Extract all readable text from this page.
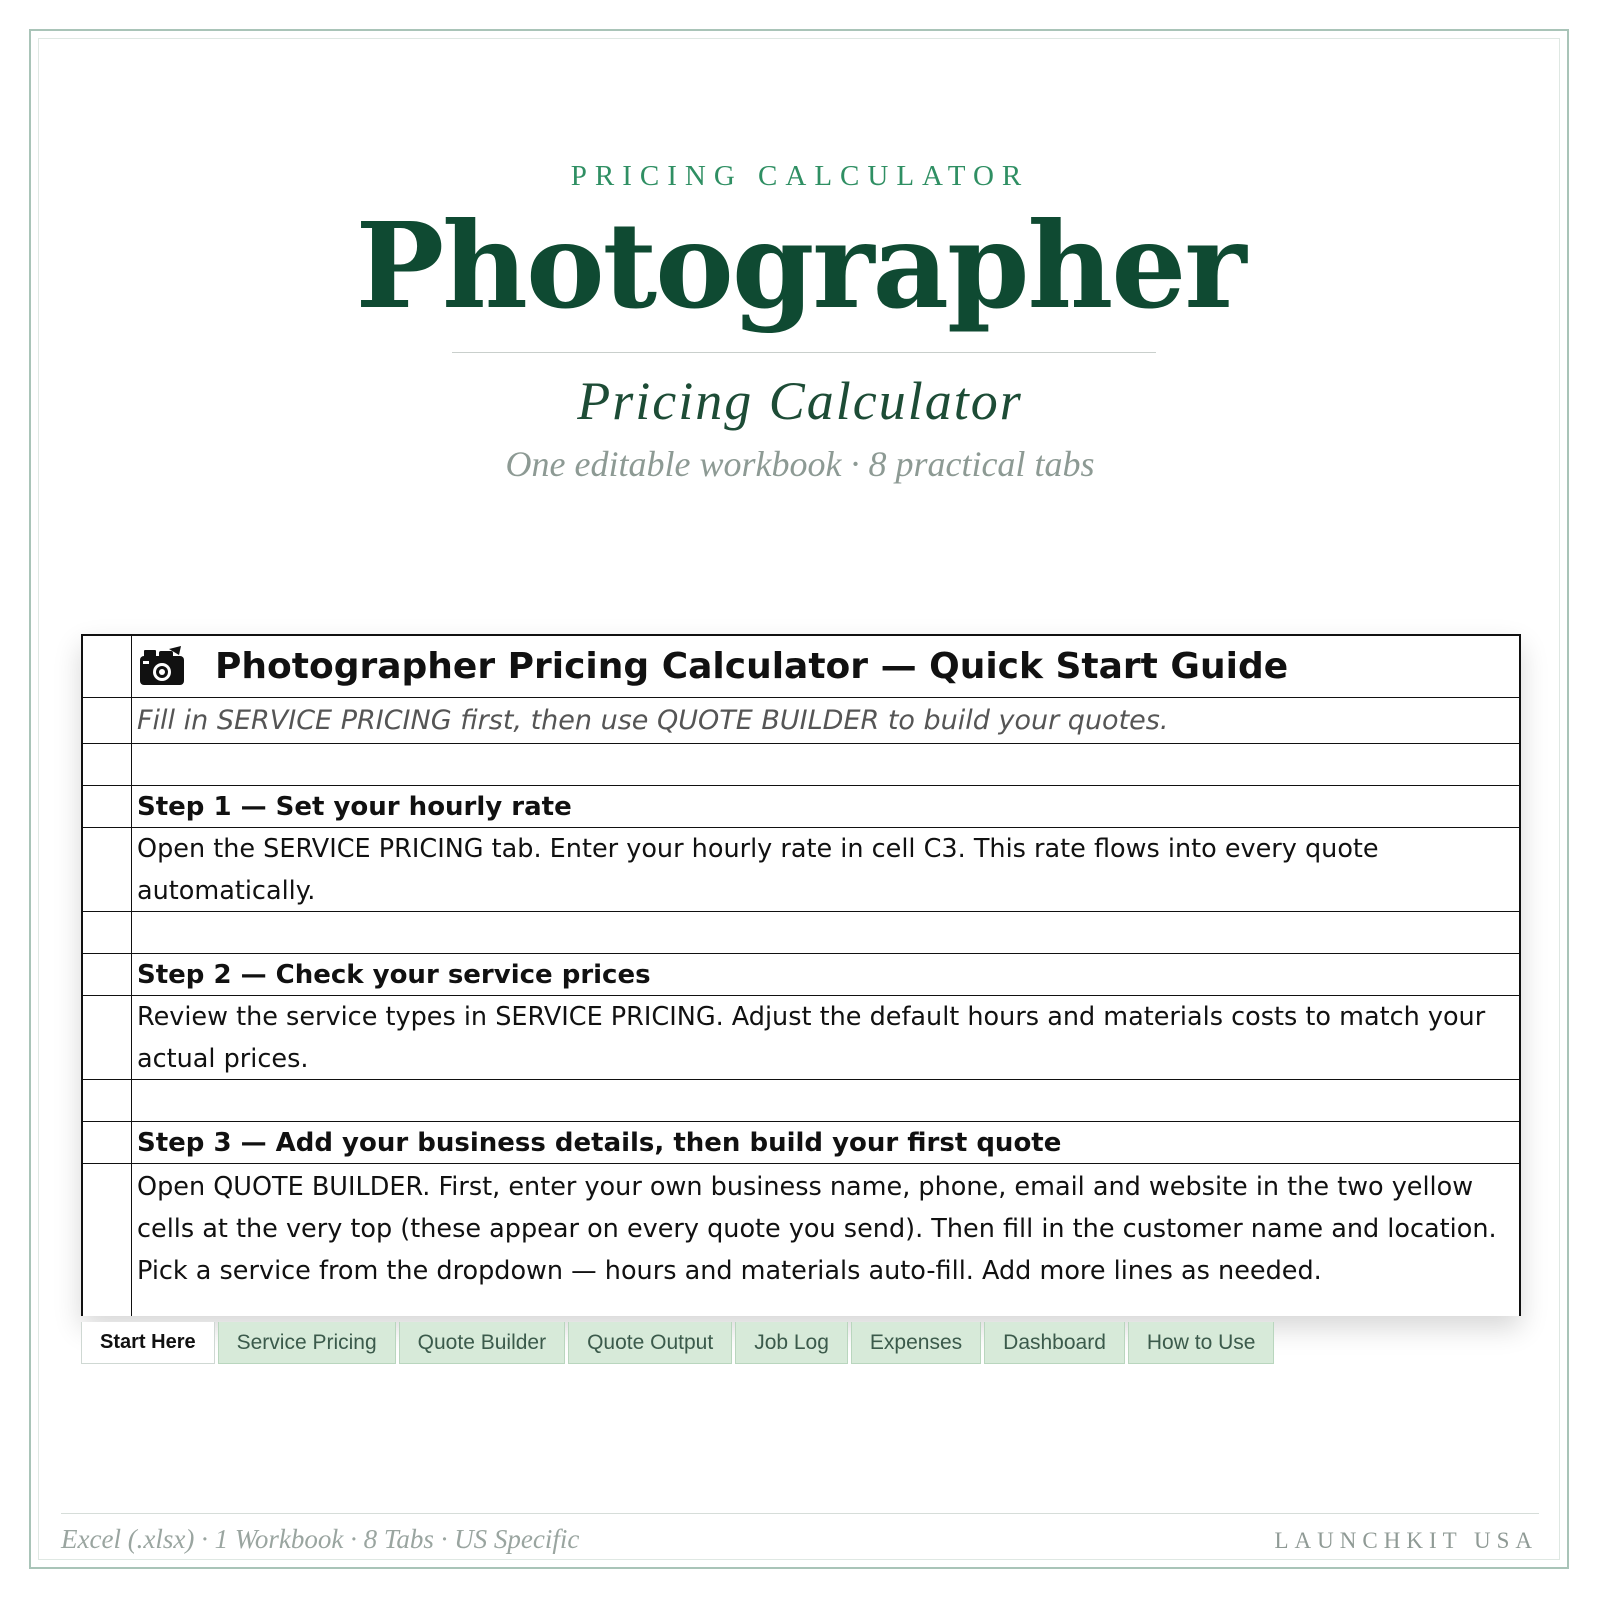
PRICING CALCULATOR
Photographer
Pricing Calculator
One editable workbook · 8 practical tabs
Photographer Pricing Calculator — Quick Start Guide
Fill in SERVICE PRICING first, then use QUOTE BUILDER to build your quotes.
Step 1 — Set your hourly rate
Open the SERVICE PRICING tab. Enter your hourly rate in cell C3. This rate flows into every quote automatically.
Step 2 — Check your service prices
Review the service types in SERVICE PRICING. Adjust the default hours and materials costs to match your actual prices.
Step 3 — Add your business details, then build your first quote
Open QUOTE BUILDER. First, enter your own business name, phone, email and website in the two yellow cells at the very top (these appear on every quote you send). Then fill in the customer name and location. Pick a service from the dropdown — hours and materials auto-fill. Add more lines as needed.
Start Here	Service Pricing	Quote Builder	Quote Output	Job Log	Expenses	Dashboard	How to Use
Excel (.xlsx) · 1 Workbook · 8 Tabs · US Specific	LAUNCHKIT USA
